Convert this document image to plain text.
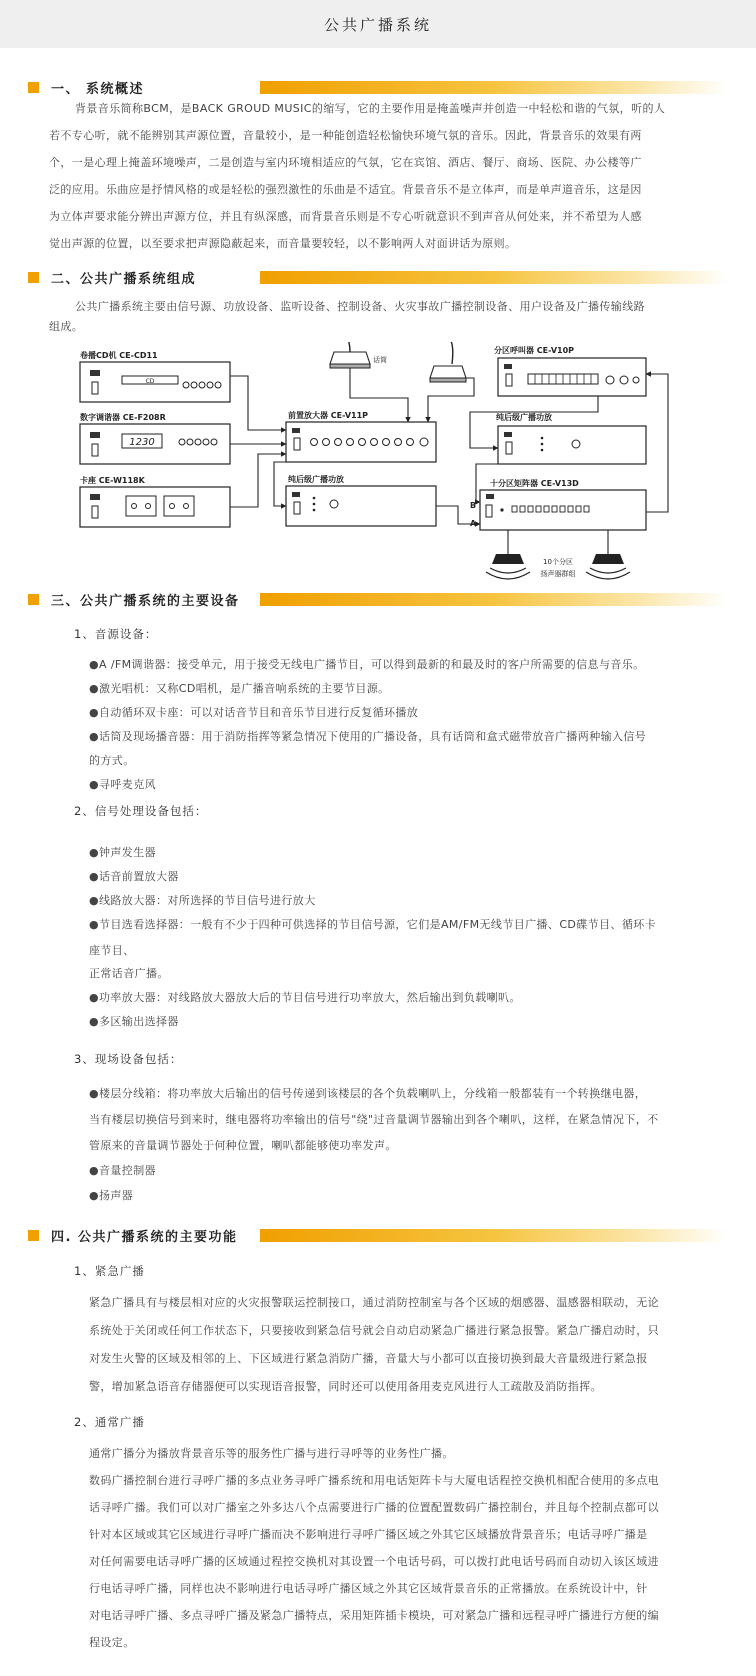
公共广播系统
一、 系统概述
背景音乐简称BCM，是BACK GROUD MUSIC的缩写，它的主要作用是掩盖噪声并创造一中轻松和谐的气氛，听的人
若不专心听，就不能辨别其声源位置，音量较小，是一种能创造轻松愉快环境气氛的音乐。因此，背景音乐的效果有两
个，一是心理上掩盖环境噪声，二是创造与室内环境相适应的气氛，它在宾馆、酒店、餐厅、商场、医院、办公楼等广
泛的应用。乐曲应是抒情风格的或是轻松的强烈激性的乐曲是不适宜。背景音乐不是立体声，而是单声道音乐，这是因
为立体声要求能分辨出声源方位，并且有纵深感，而背景音乐则是不专心听就意识不到声音从何处来，并不希望为人感
觉出声源的位置，以至要求把声源隐蔽起来，而音量要较轻，以不影响两人对面讲话为原则。
二、公共广播系统组成
公共广播系统主要由信号源、功放设备、监听设备、控制设备、火灾事故广播控制设备、用户设备及广播传输线路
组成。
CD
卷播CD机 CE-CD11
1230
数字调谐器 CE-F208R
卡座 CE-W118K
前置放大器 CE-V11P
纯后级广播功放
分区呼叫器 CE-V10P
纯后级广播功放
十分区矩阵器 CE-V13D
B
A
话筒
10个分区
扬声器群组
三、公共广播系统的主要设备
1、音源设备：
●A /FM调谐器：接受单元，用于接受无线电广播节目，可以得到最新的和最及时的客户所需要的信息与音乐。
●激光唱机：又称CD唱机，是广播音响系统的主要节目源。
●自动循环双卡座：可以对话音节目和音乐节目进行反复循环播放
●话筒及现场播音器：用于消防指挥等紧急情况下使用的广播设备，具有话筒和盒式磁带放音广播两种输入信号
的方式。
●寻呼麦克风
2、信号处理设备包括：
●钟声发生器
●话音前置放大器
●线路放大器：对所选择的节目信号进行放大
●节目选看选择器：一般有不少于四种可供选择的节目信号源，它们是AM/FM无线节目广播、CD碟节目、循环卡
座节目、
正常话音广播。
●功率放大器：对线路放大器放大后的节目信号进行功率放大，然后输出到负载喇叭。
●多区输出选择器
3、现场设备包括：
●楼层分线箱：将功率放大后输出的信号传递到该楼层的各个负载喇叭上，分线箱一般都装有一个转换继电器，
当有楼层切换信号到来时，继电器将功率输出的信号"绕"过音量调节器输出到各个喇叭，这样，在紧急情况下，不
管原来的音量调节器处于何种位置，喇叭都能够使功率发声。
●音量控制器
●扬声器
四. 公共广播系统的主要功能
1、紧急广播
紧急广播具有与楼层相对应的火灾报警联运控制接口，通过消防控制室与各个区域的烟感器、温感器相联动，无论
系统处于关闭或任何工作状态下，只要接收到紧急信号就会自动启动紧急广播进行紧急报警。紧急广播启动时，只
对发生火警的区域及相邻的上、下区域进行紧急消防广播，音量大与小都可以直接切换到最大音量级进行紧急报
警，增加紧急语音存储器便可以实现语音报警，同时还可以使用备用麦克风进行人工疏散及消防指挥。
2、通常广播
通常广播分为播放背景音乐等的服务性广播与进行寻呼等的业务性广播。
数码广播控制台进行寻呼广播的多点业务寻呼广播系统和用电话矩阵卡与大厦电话程控交换机相配合使用的多点电
话寻呼广播。我们可以对广播室之外多达八个点需要进行广播的位置配置数码广播控制台，并且每个控制点都可以
针对本区域或其它区域进行寻呼广播而决不影响进行寻呼广播区域之外其它区域播放背景音乐；电话寻呼广播是
对任何需要电话寻呼广播的区域通过程控交换机对其设置一个电话号码，可以拨打此电话号码而自动切入该区域进
行电话寻呼广播，同样也决不影响进行电话寻呼广播区域之外其它区域背景音乐的正常播放。在系统设计中，针
对电话寻呼广播、多点寻呼广播及紧急广播特点，采用矩阵插卡模块，可对紧急广播和远程寻呼广播进行方便的编
程设定。
